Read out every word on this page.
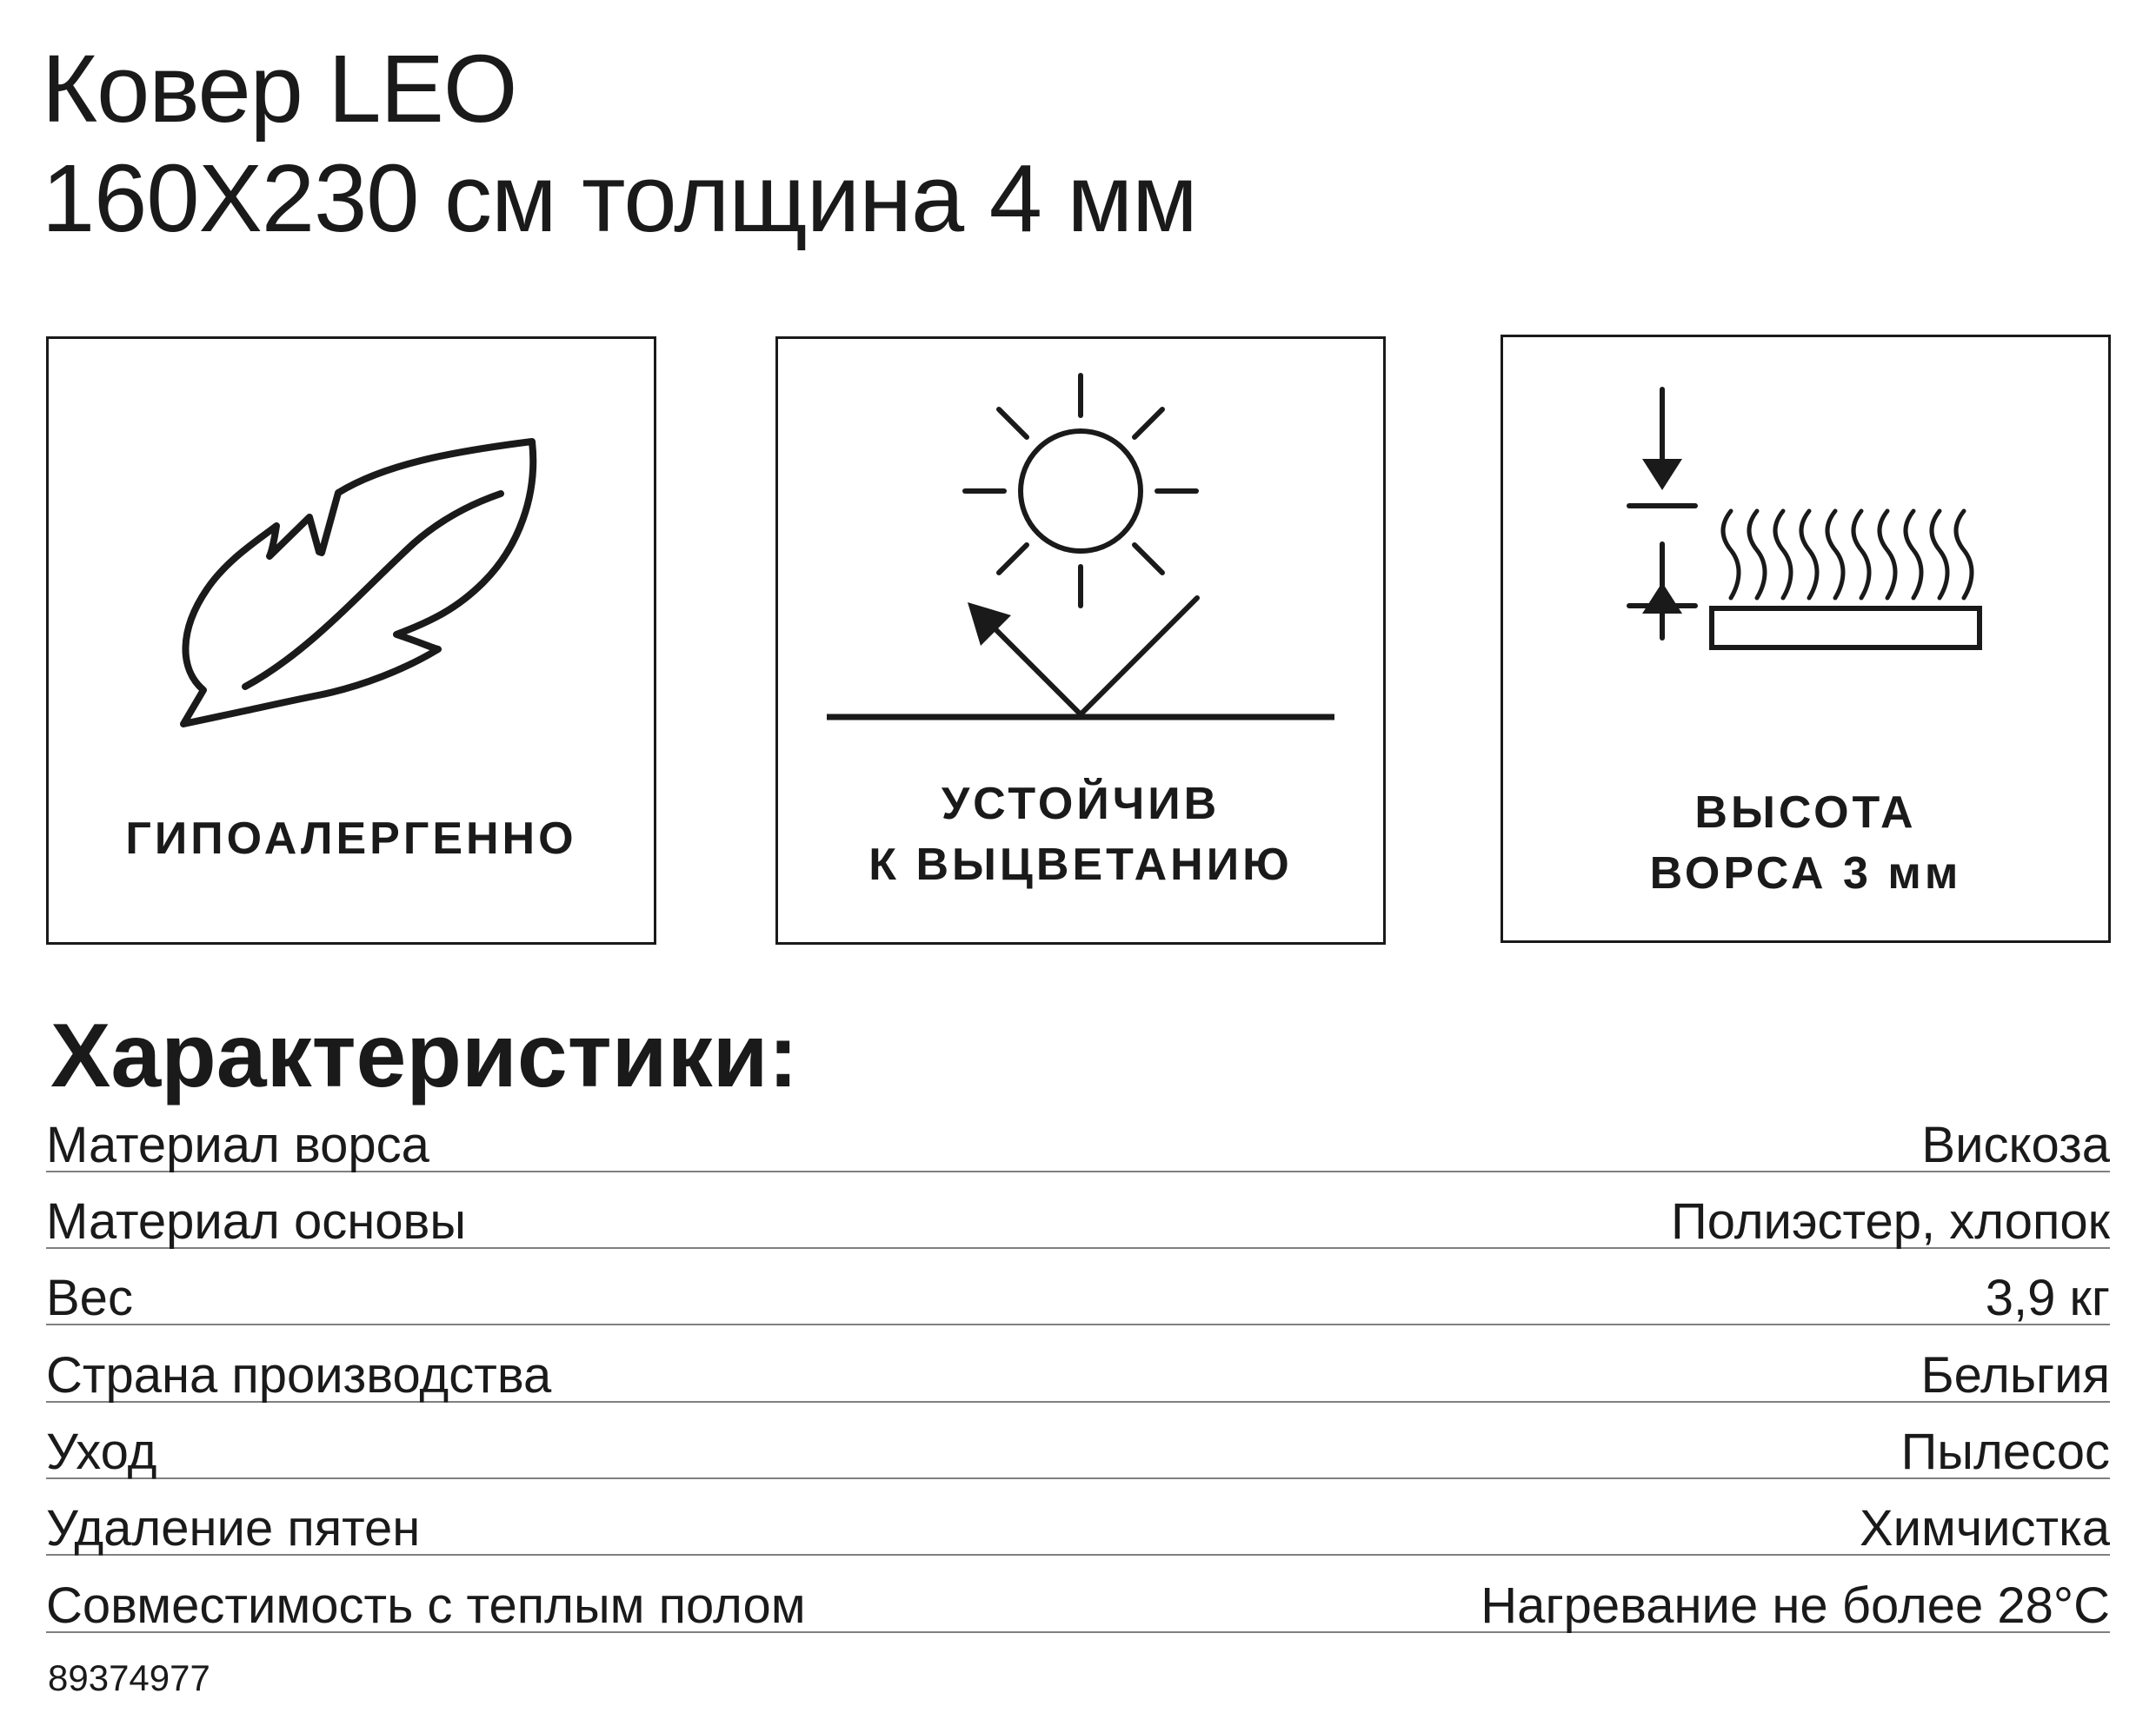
Ковер LEO
160X230 см толщина 4 мм
ГИПОАЛЕРГЕННО
УСТОЙЧИВ
К ВЫЦВЕТАНИЮ
ВЫСОТА
ВОРСА 3 мм
Характеристики:
Материал ворса	Вискоза
Материал основы	Полиэстер, хлопок
Вес	3,9 кг
Страна производства	Бельгия
Уход	Пылесос
Удаление пятен	Химчистка
Совместимость с теплым полом	Нагревание не более 28°С
89374977
